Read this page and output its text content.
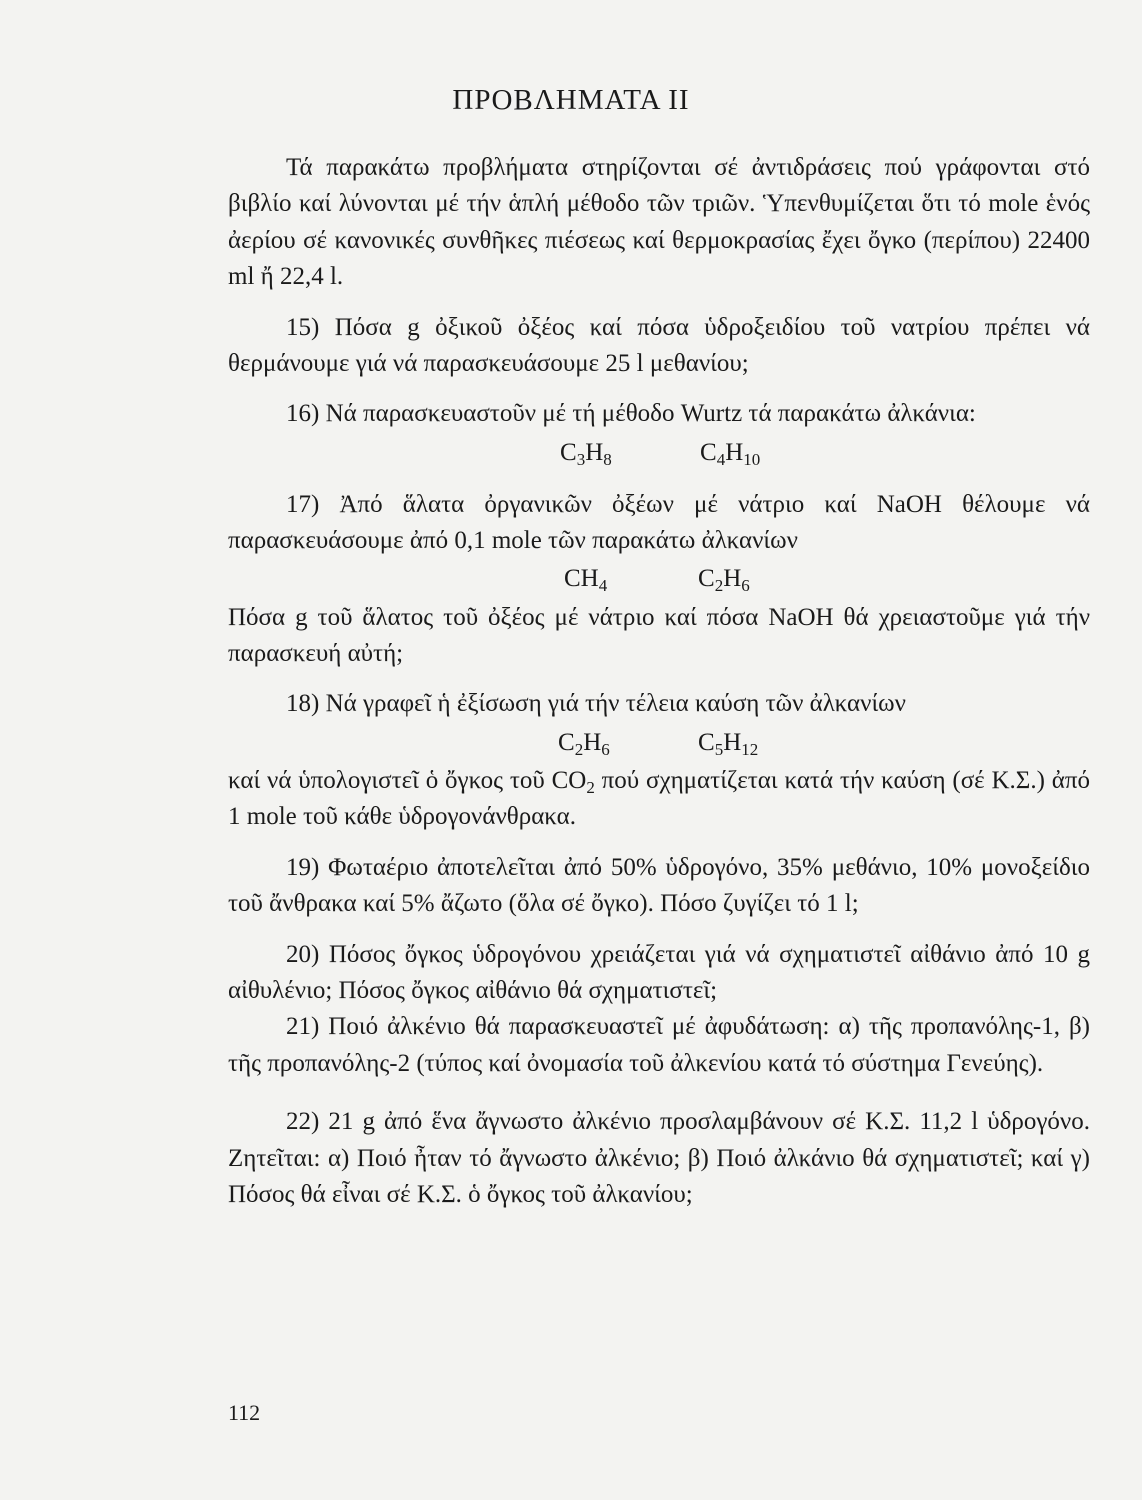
ΠΡΟΒΛΗΜΑΤΑ II

Τά παρακάτω προβλήματα στηρίζονται σέ ἀντιδράσεις πού γράφονται στό βιβλίο καί λύνονται μέ τήν ἁπλή μέθοδο τῶν τριῶν. Ὑπενθυμίζεται ὅτι τό mole ἑνός ἀερίου σέ κανονικές συνθῆκες πιέσεως καί θερμοκρασίας ἔχει ὄγκο (περίπου) 22400 ml ἤ 22,4 l.

15) Πόσα g ὀξικοῦ ὀξέος καί πόσα ὑδροξειδίου τοῦ νατρίου πρέπει νά θερμάνουμε γιά νά παρασκευάσουμε 25 l μεθανίου;

16) Νά παρασκευαστοῦν μέ τή μέθοδο Wurtz τά παρακάτω ἀλκάνια:

$C_3H_8$	$C_4H_{10}$

17) Ἀπό ἅλατα ὀργανικῶν ὀξέων μέ νάτριο καί NaOH θέλουμε νά παρασκευάσουμε ἀπό 0,1 mole τῶν παρακάτω ἀλκανίων

$CH_4$	$C_2H_6$

Πόσα g τοῦ ἅλατος τοῦ ὀξέος μέ νάτριο καί πόσα NaOH θά χρειαστοῦμε γιά τήν παρασκευή αὐτή;

18) Νά γραφεῖ ἡ ἐξίσωση γιά τήν τέλεια καύση τῶν ἀλκανίων

$C_2H_6$	$C_5H_{12}$

καί νά ὑπολογιστεῖ ὁ ὄγκος τοῦ $CO_2$ πού σχηματίζεται κατά τήν καύση (σέ Κ.Σ.) ἀπό 1 mole τοῦ κάθε ὑδρογονάνθρακα.

19) Φωταέριο ἀποτελεῖται ἀπό 50% ὑδρογόνο, 35% μεθάνιο, 10% μονοξείδιο τοῦ ἄνθρακα καί 5% ἄζωτο (ὅλα σέ ὄγκο). Πόσο ζυγίζει τό 1 l;

20) Πόσος ὄγκος ὑδρογόνου χρειάζεται γιά νά σχηματιστεῖ αἰθάνιο ἀπό 10 g αἰθυλένιο; Πόσος ὄγκος αἰθάνιο θά σχηματιστεῖ;

21) Ποιό ἀλκένιο θά παρασκευαστεῖ μέ ἀφυδάτωση: α) τῆς προπανόλης-1, β) τῆς προπανόλης-2 (τύπος καί ὀνομασία τοῦ ἀλκενίου κατά τό σύστημα Γενεύης).

22) 21 g ἀπό ἕνα ἄγνωστο ἀλκένιο προσλαμβάνουν σέ Κ.Σ. 11,2 l ὑδρογόνο. Ζητεῖται: α) Ποιό ἦταν τό ἄγνωστο ἀλκένιο; β) Ποιό ἀλκάνιο θά σχηματιστεῖ; καί γ) Πόσος θά εἶναι σέ Κ.Σ. ὁ ὄγκος τοῦ ἀλκανίου;

112
